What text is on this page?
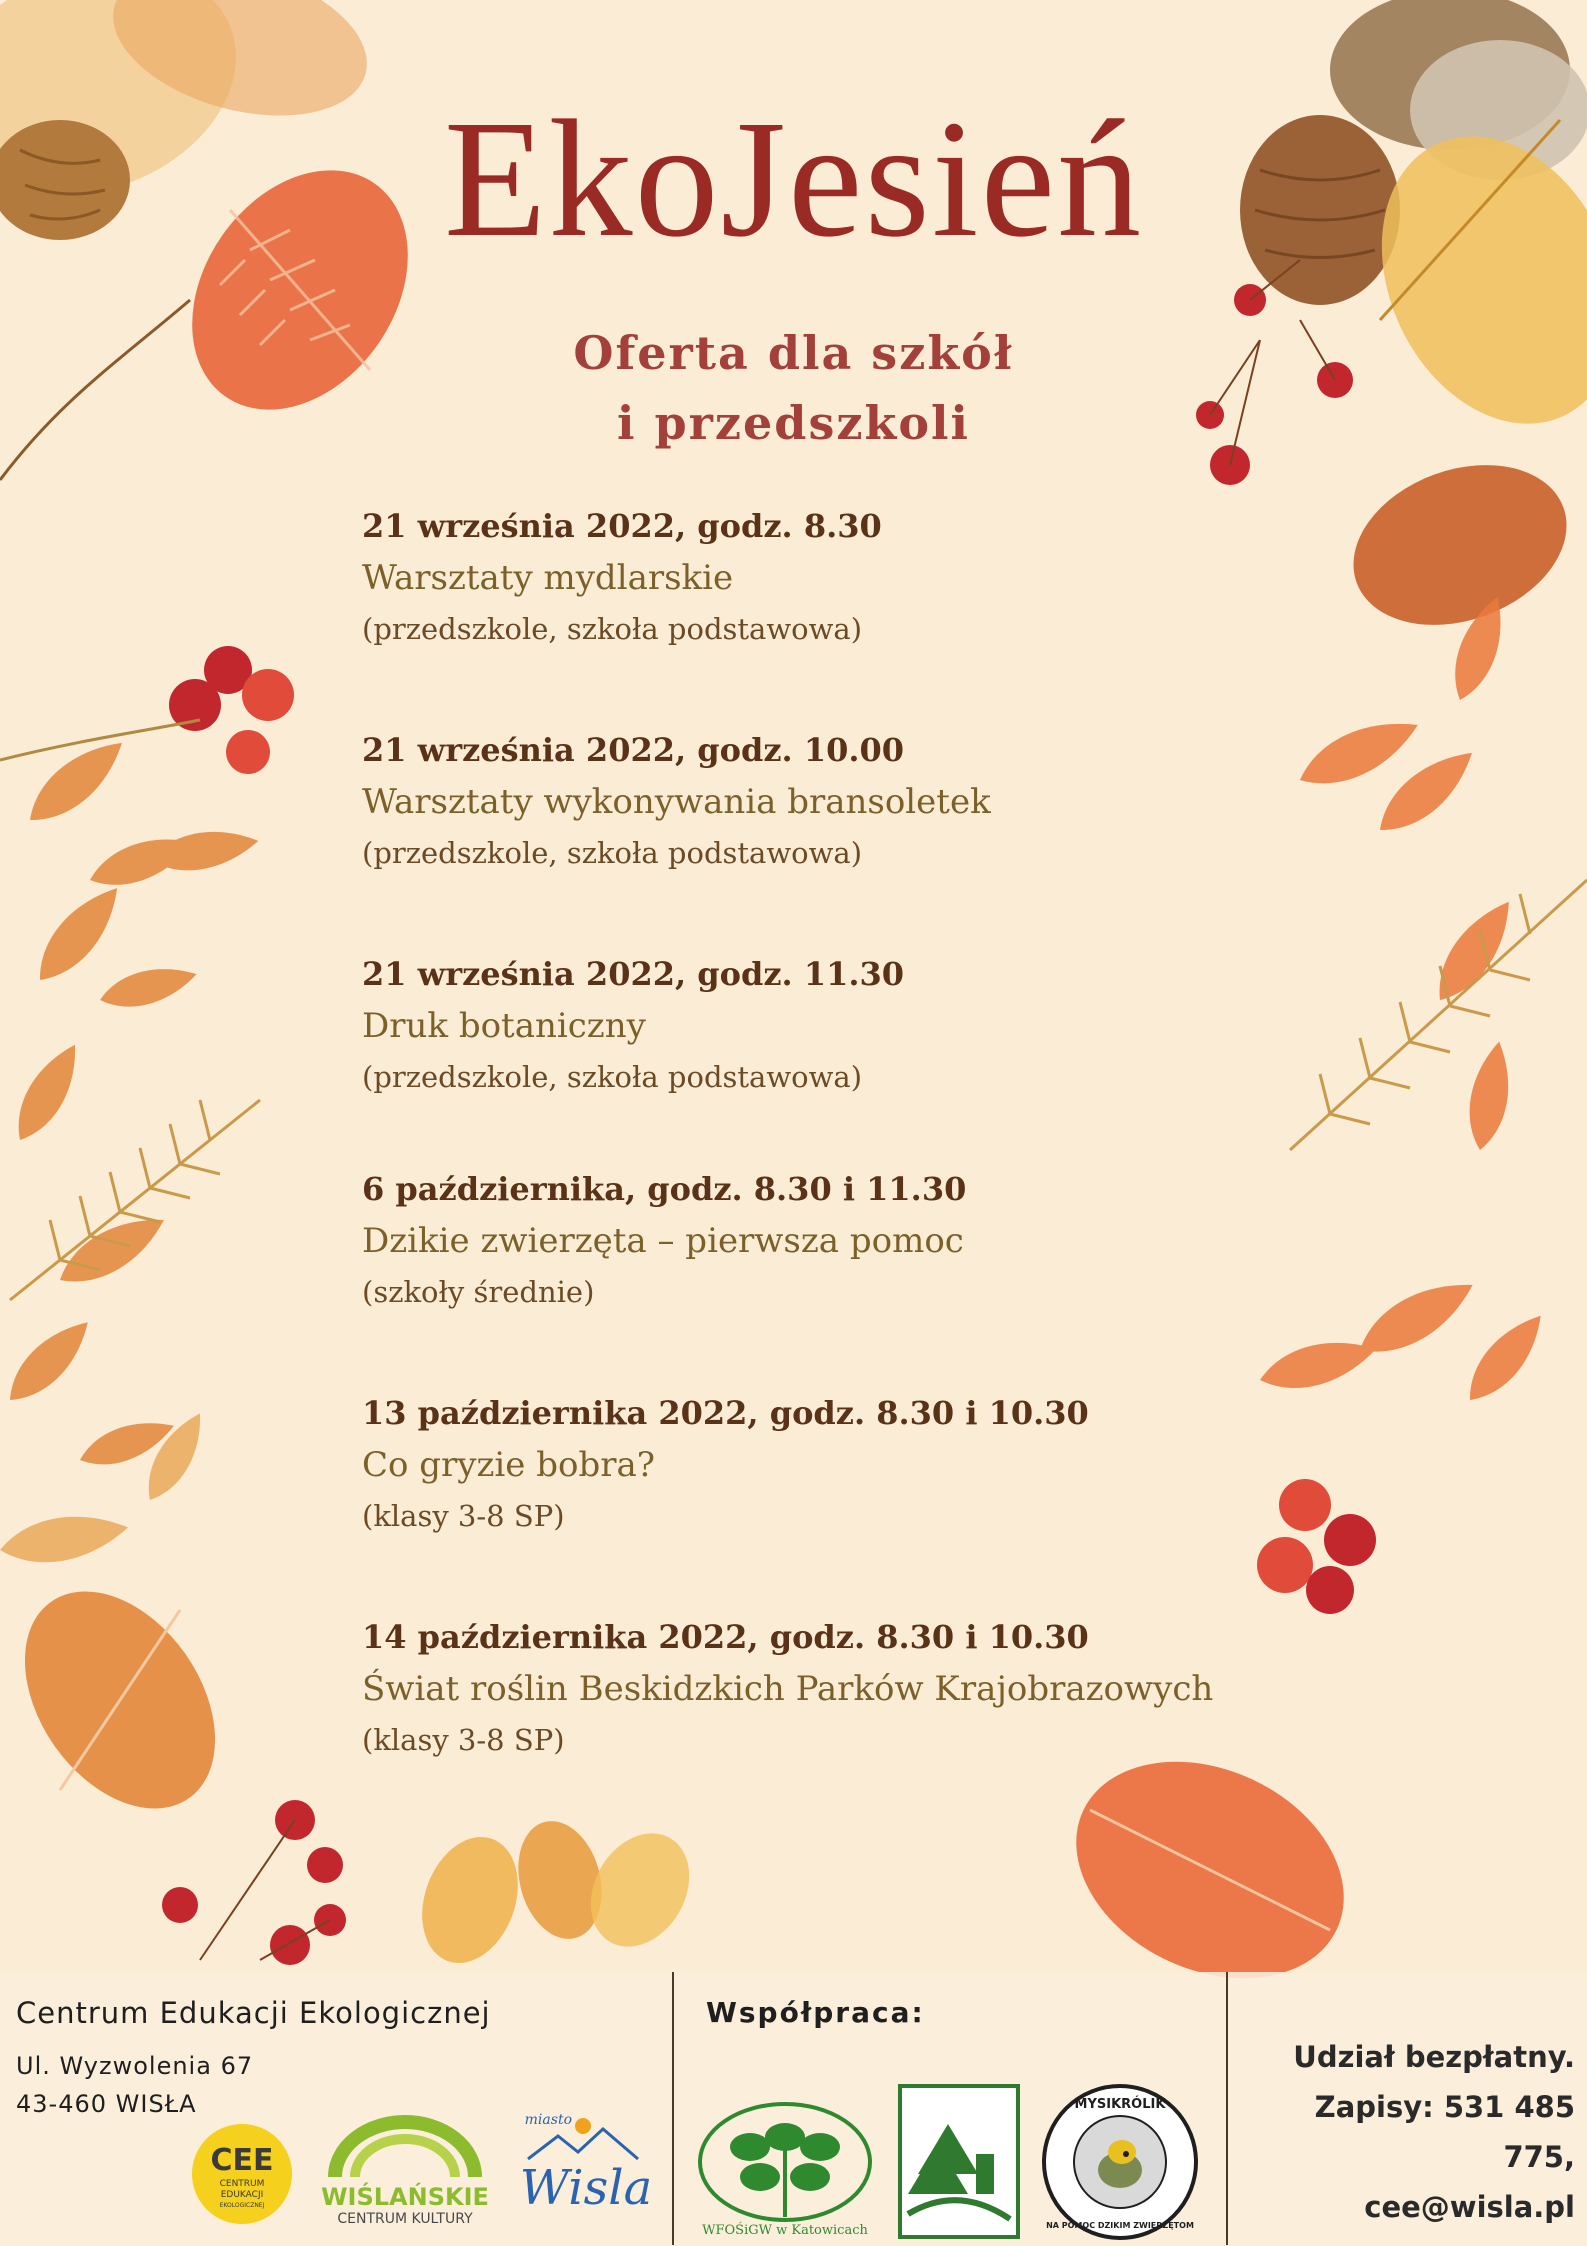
EkoJesień
Oferta dla szkół
i przedszkoli
21 września 2022, godz. 8.30
Warsztaty mydlarskie
(przedszkole, szkoła podstawowa)
21 września 2022, godz. 10.00
Warsztaty wykonywania bransoletek
(przedszkole, szkoła podstawowa)
21 września 2022, godz. 11.30
Druk botaniczny
(przedszkole, szkoła podstawowa)
6 października, godz. 8.30 i 11.30
Dzikie zwierzęta – pierwsza pomoc
(szkoły średnie)
13 października 2022, godz. 8.30 i 10.30
Co gryzie bobra?
(klasy 3-8 SP)
14 października 2022, godz. 8.30 i 10.30
Świat roślin Beskidzkich Parków Krajobrazowych
(klasy 3-8 SP)
Centrum Edukacji Ekologicznej
Ul. Wyzwolenia 67
43-460 WISŁA
CEE
CENTRUM
EDUKACJI
EKOLOGICZNEJ WIŚLAŃSKIE
CENTRUM KULTURY
miasto
Wisla
Współpraca:
WFOŚiGW w Katowicach
MYSIKRÓLIK
NA POMOC DZIKIM ZWIERZĘTOM
Udział bezpłatny.
Zapisy: 531 485 775,
cee@wisla.pl
